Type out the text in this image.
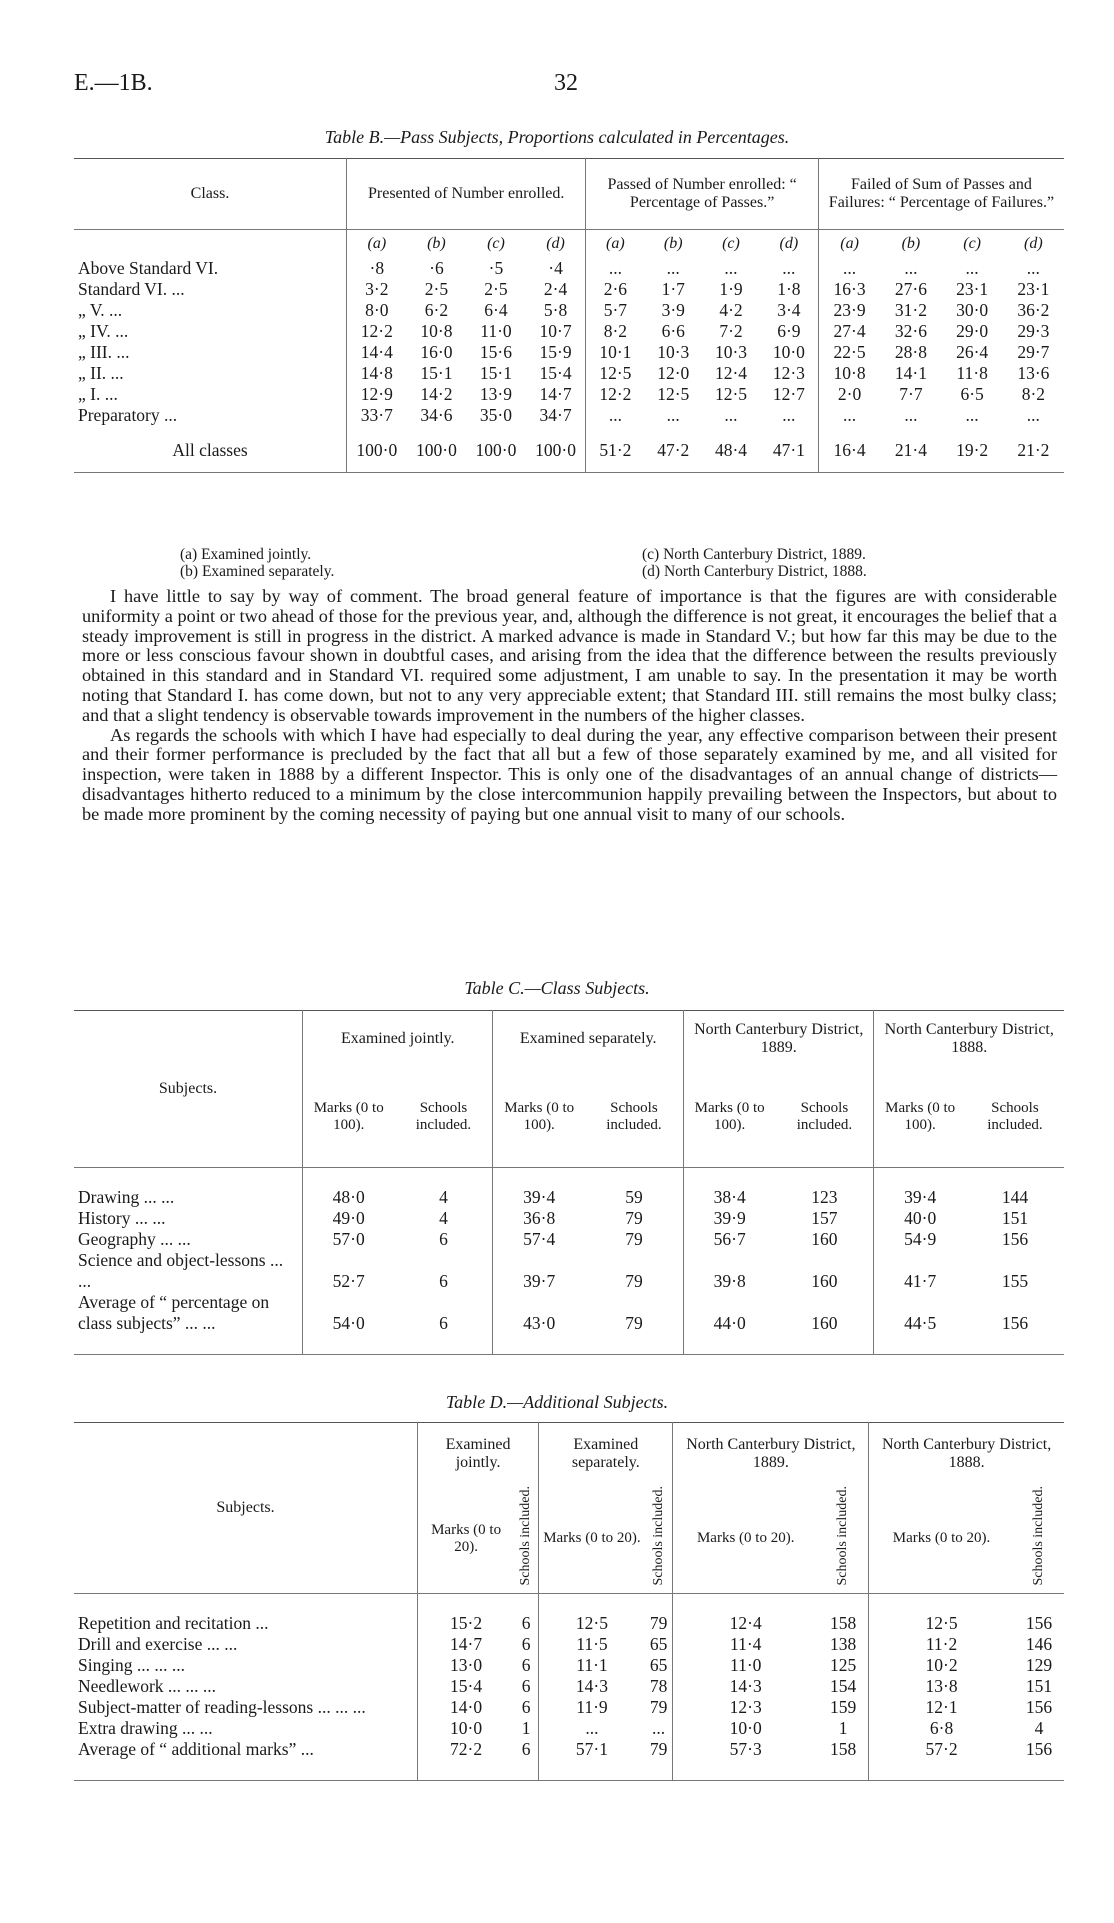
E.—1B.	32
Table B.—Pass Subjects, Proportions calculated in Percentages.
Class.	Presented of Number enrolled.				Passed of Number enrolled: “ Percentage of Passes.”				Failed of Sum of Passes and Failures: “ Percentage of Failures.”			
	(a)	(b)	(c)	(d)	(a)	(b)	(c)	(d)	(a)	(b)	(c)	(d)
Above Standard VI.	·8	·6	·5	·4	...	...	...	...	...	...	...	...
Standard VI. ...	3·2	2·5	2·5	2·4	2·6	1·7	1·9	1·8	16·3	27·6	23·1	23·1
„ V. ...	8·0	6·2	6·4	5·8	5·7	3·9	4·2	3·4	23·9	31·2	30·0	36·2
„ IV. ...	12·2	10·8	11·0	10·7	8·2	6·6	7·2	6·9	27·4	32·6	29·0	29·3
„ III. ...	14·4	16·0	15·6	15·9	10·1	10·3	10·3	10·0	22·5	28·8	26·4	29·7
„ II. ...	14·8	15·1	15·1	15·4	12·5	12·0	12·4	12·3	10·8	14·1	11·8	13·6
„ I. ...	12·9	14·2	13·9	14·7	12·2	12·5	12·5	12·7	2·0	7·7	6·5	8·2
Preparatory ...	33·7	34·6	35·0	34·7	...	...	...	...	...	...	...	...

All classes	100·0	100·0	100·0	100·0	51·2	47·2	48·4	47·1	16·4	21·4	19·2	21·2
(a) Examined jointly.
(b) Examined separately.
(c) North Canterbury District, 1889.
(d) North Canterbury District, 1888.

I have little to say by way of comment. The broad general feature of importance is that the figures are with considerable uniformity a point or two ahead of those for the previous year, and, although the difference is not great, it encourages the belief that a steady improvement is still in progress in the district. A marked advance is made in Standard V.; but how far this may be due to the more or less conscious favour shown in doubtful cases, and arising from the idea that the difference between the results previously obtained in this standard and in Standard VI. required some adjustment, I am unable to say. In the presentation it may be worth noting that Standard I. has come down, but not to any very appreciable extent; that Standard III. still remains the most bulky class; and that a slight tendency is observable towards improvement in the numbers of the higher classes.

As regards the schools with which I have had especially to deal during the year, any effective comparison between their present and their former performance is precluded by the fact that all but a few of those separately examined by me, and all visited for inspection, were taken in 1888 by a different Inspector. This is only one of the disadvantages of an annual change of districts—disadvantages hitherto reduced to a minimum by the close intercommunion happily prevailing between the Inspectors, but about to be made more prominent by the coming necessity of paying but one annual visit to many of our schools.

Table C.—Class Subjects.
Subjects.	Examined jointly.		Examined separately.		North Canterbury District, 1889.		North Canterbury District, 1888.	
	Marks (0 to 100).	Schools included.	Marks (0 to 100).	Schools included.	Marks (0 to 100).	Schools included.	Marks (0 to 100).	Schools included.

Drawing ... ...	48·0	4	39·4	59	38·4	123	39·4	144
History ... ...	49·0	4	36·8	79	39·9	157	40·0	151
Geography ... ...	57·0	6	57·4	79	56·7	160	54·9	156
Science and object-lessons ... ...	52·7	6	39·7	79	39·8	160	41·7	155
Average of “ percentage on class subjects” ... ...	54·0	6	43·0	79	44·0	160	44·5	156

Table D.—Additional Subjects.
Subjects.	Examined jointly.		Examined separately.		North Canterbury District, 1889.		North Canterbury District, 1888.	
	Marks (0 to 20).	Schools included.	Marks (0 to 20).	Schools included.	Marks (0 to 20).	Schools included.	Marks (0 to 20).	Schools included.

Repetition and recitation ...	15·2	6	12·5	79	12·4	158	12·5	156
Drill and exercise ... ...	14·7	6	11·5	65	11·4	138	11·2	146
Singing ... ... ...	13·0	6	11·1	65	11·0	125	10·2	129
Needlework ... ... ...	15·4	6	14·3	78	14·3	154	13·8	151
Subject-matter of reading-lessons ... ... ...	14·0	6	11·9	79	12·3	159	12·1	156
Extra drawing ... ...	10·0	1	...	...	10·0	1	6·8	4
Average of “ additional marks” ...	72·2	6	57·1	79	57·3	158	57·2	156
